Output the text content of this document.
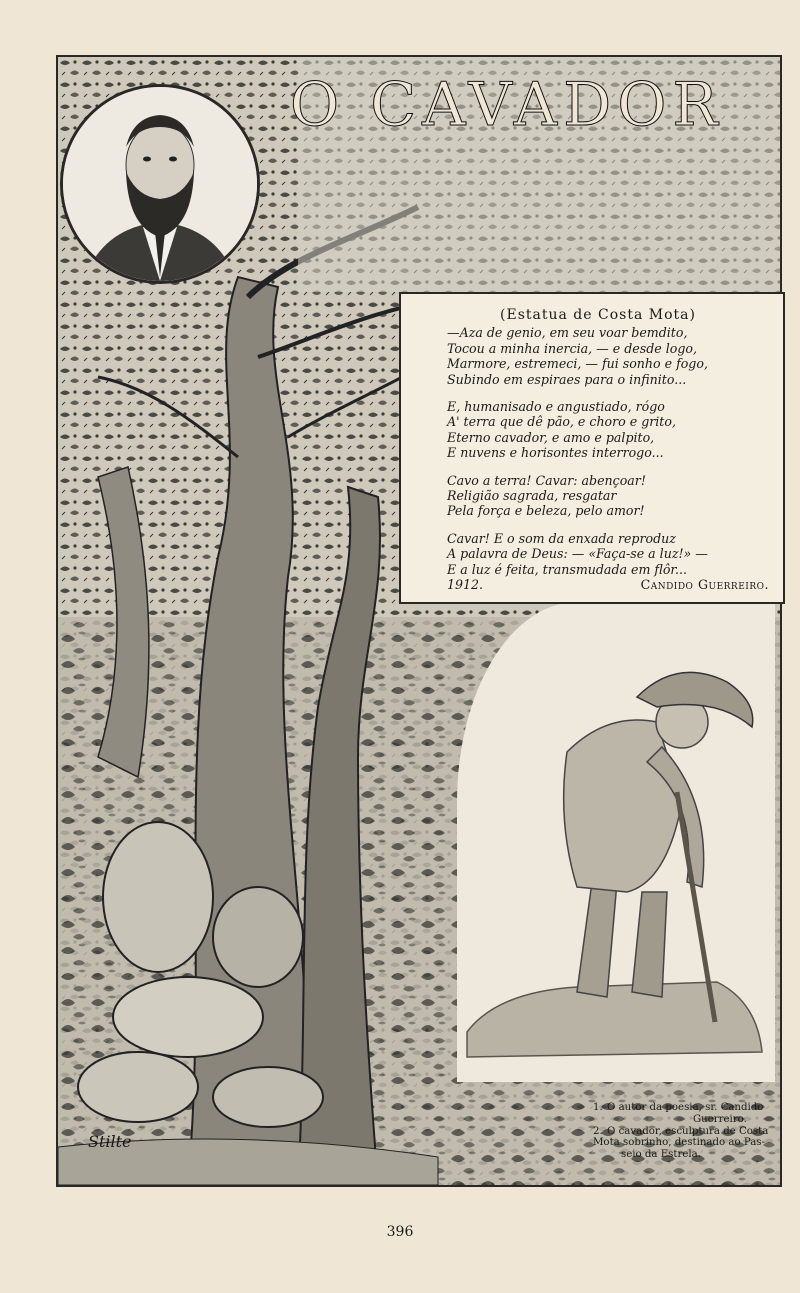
Stilte
O CAVADOR
(Estatua de Costa Mota)
—Aza de genio, em seu voar bemdito,
Tocou a minha inercia, — e desde logo,
Marmore, estremeci, — fui sonho e fogo,
Subindo em espiraes para o infinito...
E, humanisado e angustiado, rógo
A' terra que dê pão, e choro e grito,
Eterno cavador, e amo e palpito,
E nuvens e horisontes interrogo...
Cavo a terra! Cavar: abençoar!
Religião sagrada, resgatar
Pela força e beleza, pelo amor!
Cavar! E o som da enxada reproduz
A palavra de Deus: — «Faça-se a luz!» —
E a luz é feita, transmudada em flôr...
1912.	Candido Guerreiro.
1. O autor da poesia, sr. Candido
Guerreiro.
2. O cavador, esculptura de Costa
Mota sobrinho, destinado ao Pas-
seio da Estrela.
396
